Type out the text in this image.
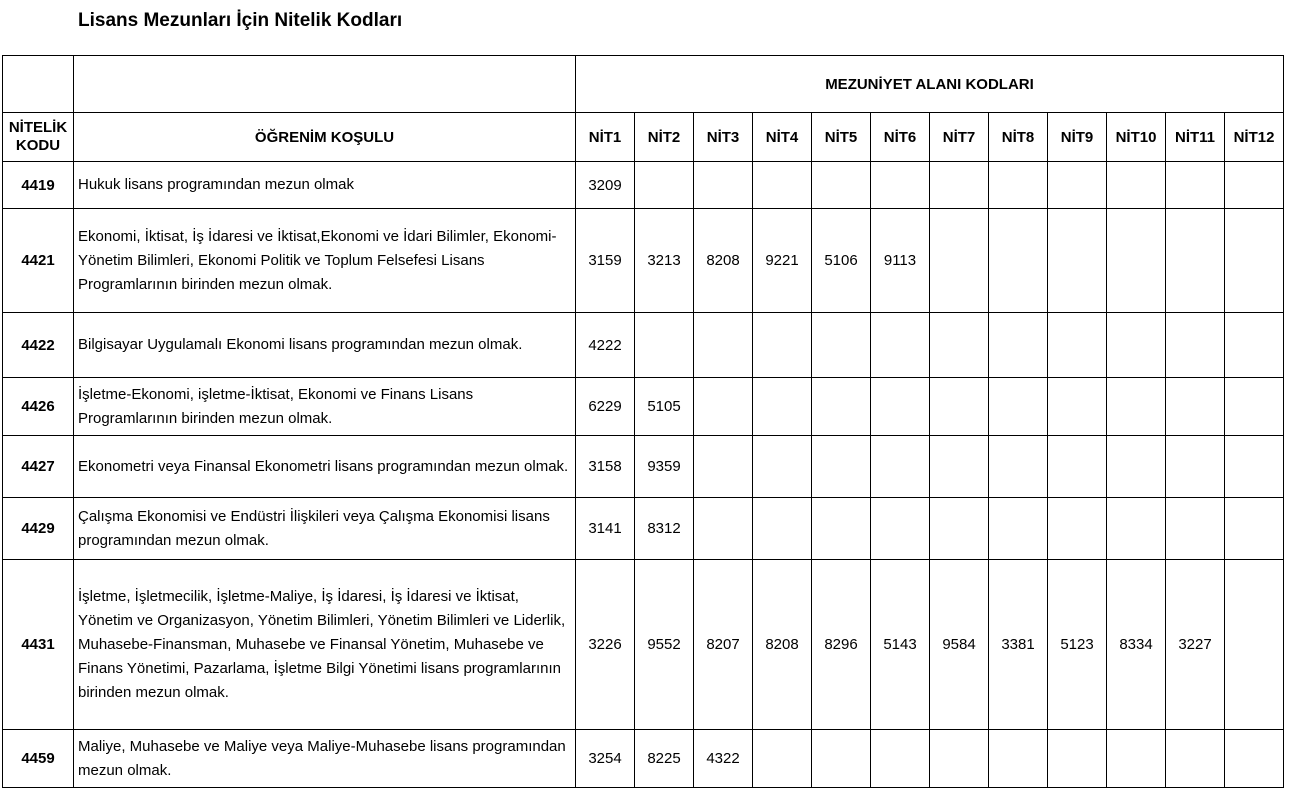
Lisans Mezunları İçin Nitelik Kodları
		MEZUNİYET ALANI KODLARI											

NİTELİK
KODU	ÖĞRENİM KOŞULU	NİT1	NİT2	NİT3	NİT4	NİT5	NİT6	NİT7	NİT8	NİT9	NİT10	NİT11	NİT12
4419	Hukuk lisans programından mezun olmak	3209											
4421	Ekonomi, İktisat, İş İdaresi ve İktisat,Ekonomi ve İdari Bilimler, Ekonomi-Yönetim Bilimleri, Ekonomi Politik ve Toplum Felsefesi Lisans Programlarının birinden mezun olmak.	3159	3213	8208	9221	5106	9113						
4422	Bilgisayar Uygulamalı Ekonomi lisans programından mezun olmak.	4222											
4426	İşletme-Ekonomi, işletme-İktisat, Ekonomi ve Finans Lisans Programlarının birinden mezun olmak.	6229	5105										
4427	Ekonometri veya Finansal Ekonometri lisans programından mezun olmak.	3158	9359										
4429	Çalışma Ekonomisi ve Endüstri İlişkileri veya Çalışma Ekonomisi lisans programından mezun olmak.	3141	8312										
4431	İşletme, İşletmecilik, İşletme-Maliye, İş İdaresi, İş İdaresi ve İktisat, Yönetim ve Organizasyon, Yönetim Bilimleri, Yönetim Bilimleri ve Liderlik, Muhasebe-Finansman, Muhasebe ve Finansal Yönetim, Muhasebe ve Finans Yönetimi, Pazarlama, İşletme Bilgi Yönetimi lisans programlarının birinden mezun olmak.	3226	9552	8207	8208	8296	5143	9584	3381	5123	8334	3227	
4459	Maliye, Muhasebe ve Maliye veya Maliye-Muhasebe lisans programından mezun olmak.	3254	8225	4322									
